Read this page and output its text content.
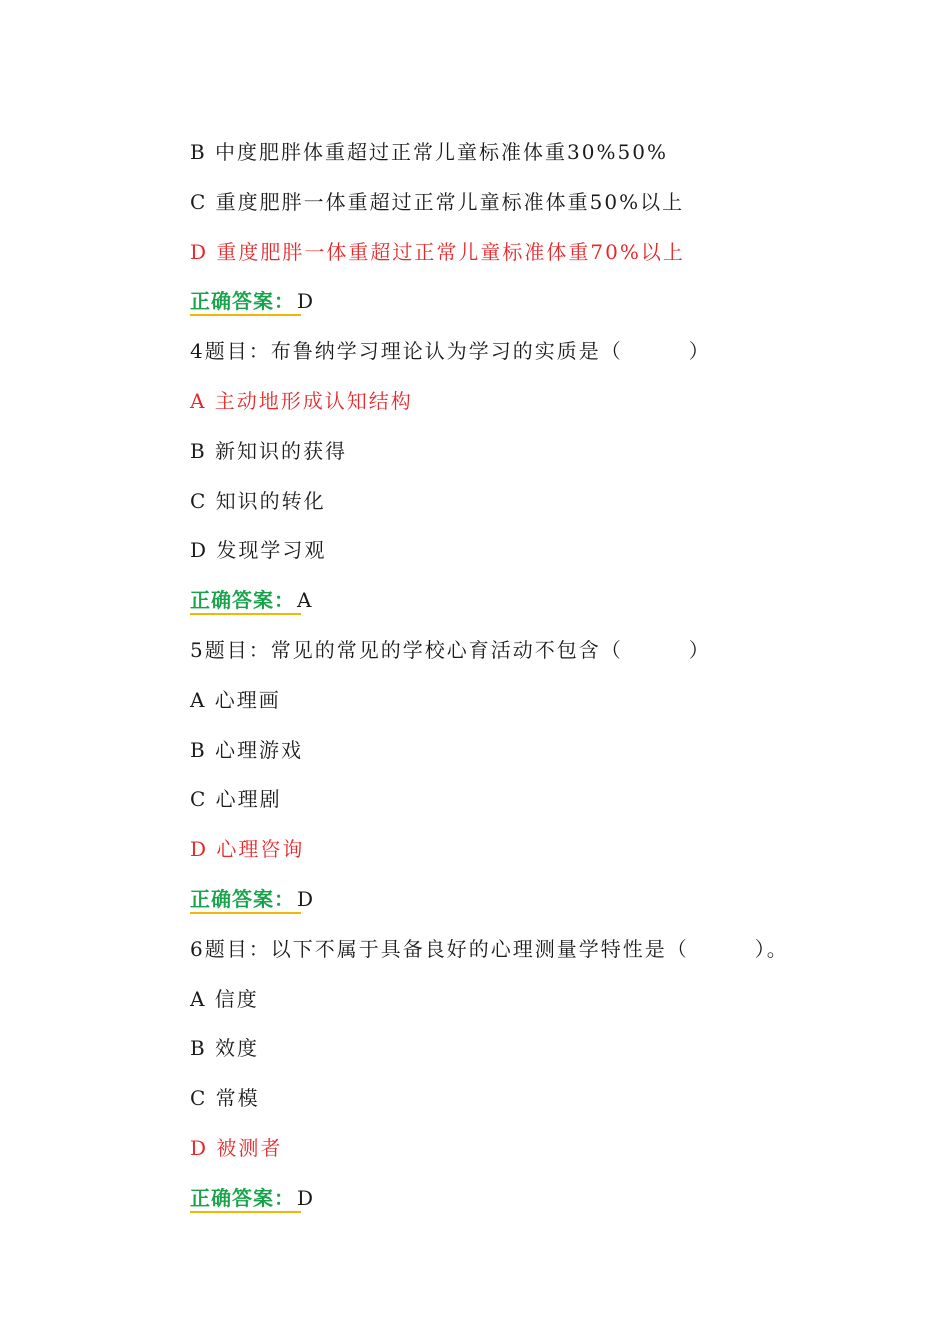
B 中度肥胖体重超过正常儿童标准体重30%50%
C 重度肥胖一体重超过正常儿童标准体重50%以上
D 重度肥胖一体重超过正常儿童标准体重70%以上
正确答案： D
4题目：布鲁纳学习理论认为学习的实质是（　　　）
A 主动地形成认知结构
B 新知识的获得
C 知识的转化
D 发现学习观
正确答案： A
5题目：常见的常见的学校心育活动不包含（　　　）
A 心理画
B 心理游戏
C 心理剧
D 心理咨询
正确答案： D
6题目：以下不属于具备良好的心理测量学特性是（　　　）。
A 信度
B 效度
C 常模
D 被测者
正确答案： D
